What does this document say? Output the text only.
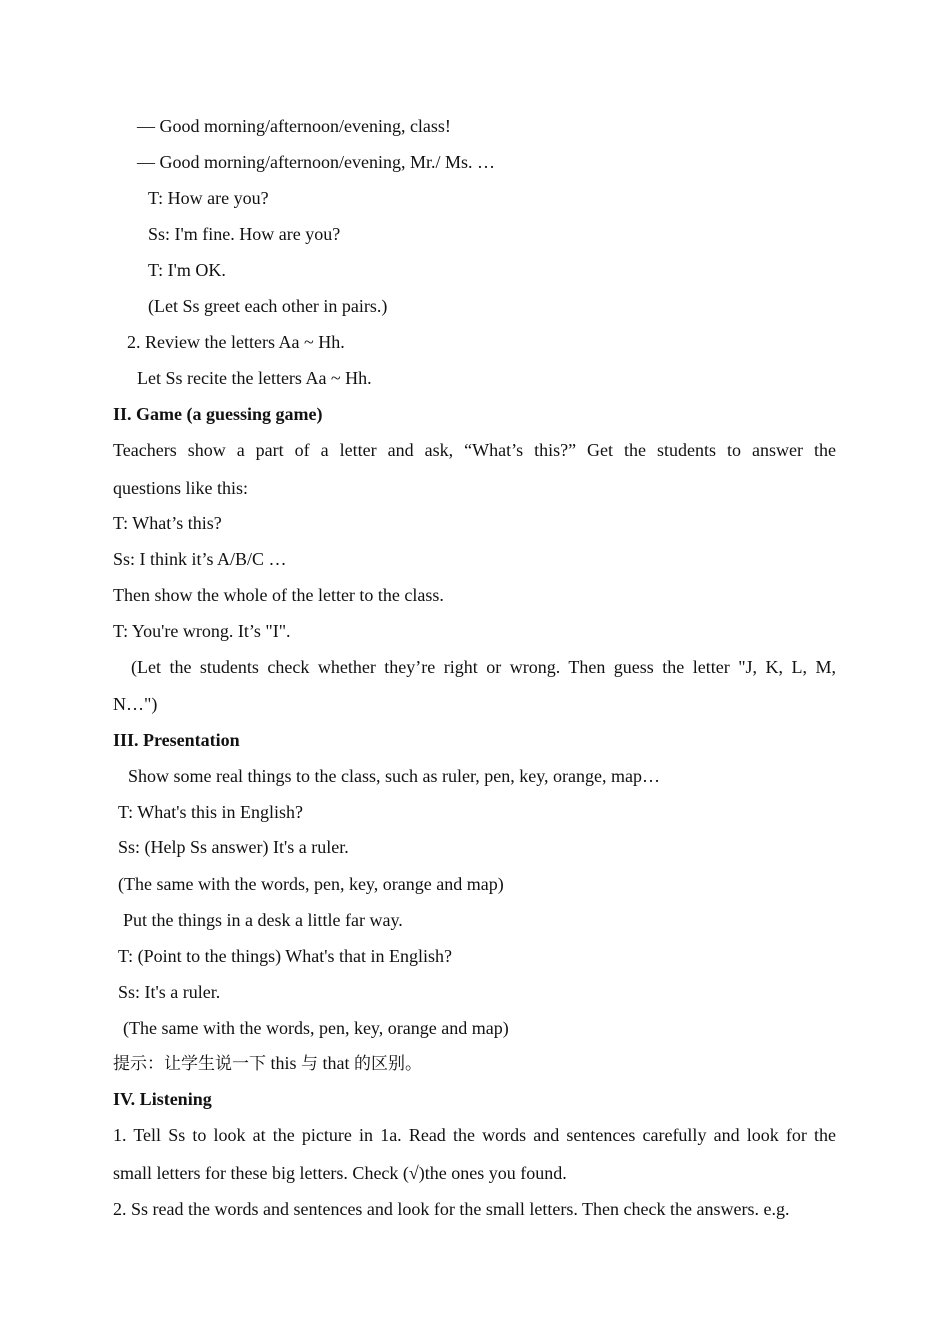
— Good morning/afternoon/evening, class!
— Good morning/afternoon/evening, Mr./ Ms. …
T: How are you?
Ss: I'm fine. How are you?
T: I'm OK.
(Let Ss greet each other in pairs.)
2. Review the letters Aa ~ Hh.
Let Ss recite the letters Aa ~ Hh.
II. Game (a guessing game)
Teachers show a part of a letter and ask, “What’s this?” Get the students to answer the
questions like this:
T: What’s this?
Ss: I think it’s A/B/C …
Then show the whole of the letter to the class.
T: You're wrong. It’s "I".
(Let the students check whether they’re right or wrong. Then guess the letter "J, K, L, M,
N…")
III. Presentation
Show some real things to the class, such as ruler, pen, key, orange, map…
T: What's this in English?
Ss: (Help Ss answer) It's a ruler.
(The same with the words, pen, key, orange and map)
Put the things in a desk a little far way.
T: (Point to the things) What's that in English?
Ss: It's a ruler.
(The same with the words, pen, key, orange and map)
提示：让学生说一下 this 与 that 的区别。
IV. Listening
1. Tell Ss to look at the picture in 1a. Read the words and sentences carefully and look for the
small letters for these big letters. Check (√)the ones you found.
2. Ss read the words and sentences and look for the small letters. Then check the answers. e.g.
